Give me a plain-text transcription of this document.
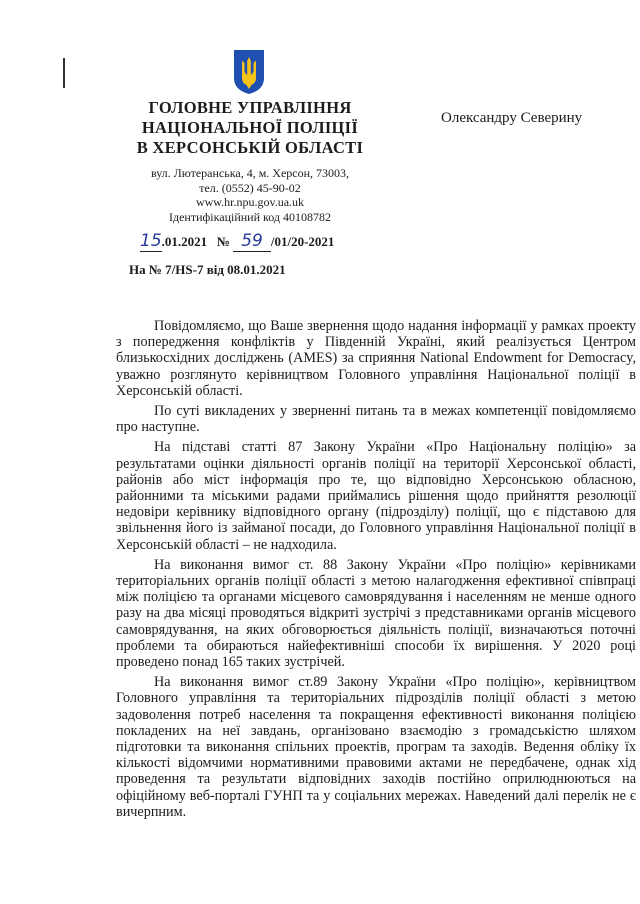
ГОЛОВНЕ УПРАВЛІННЯ
НАЦІОНАЛЬНОЇ ПОЛІЦІЇ
В ХЕРСОНСЬКІЙ ОБЛАСТІ
вул. Лютеранська, 4, м. Херсон, 73003,
тел. (0552) 45-90-02
www.hr.npu.gov.ua.uk
Ідентифікаційний код 40108782
Олександру Северину
15.01.2021 № 59 /01/20-2021
На № 7/HS-7 від 08.01.2021

Повідомляємо, що Ваше звернення щодо надання інформації у рамках проекту з попередження конфліктів у Південній Україні, який реалізується Центром близькосхідних досліджень (AMES) за сприяння National Endowment for Democracy, уважно розглянуто керівництвом Головного управління Національної поліції в Херсонській області.

По суті викладених у зверненні питань та в межах компетенції повідомляємо про наступне.

На підставі статті 87 Закону України «Про Національну поліцію» за результатами оцінки діяльності органів поліції на території Херсонської області, районів або міст інформація про те, що відповідно Херсонською обласною, районними та міськими радами приймались рішення щодо прийняття резолюції недовіри керівнику відповідного органу (підрозділу) поліції, що є підставою для звільнення його із займаної посади, до Головного управління Національної поліції в Херсонській області – не надходила.

На виконання вимог ст. 88 Закону України «Про поліцію» керівниками територіальних органів поліції області з метою налагодження ефективної співпраці між поліцією та органами місцевого самоврядування і населенням не менше одного разу на два місяці проводяться відкриті зустрічі з представниками органів місцевого самоврядування, на яких обговорюється діяльність поліції, визначаються поточні проблеми та обираються найефективніші способи їх вирішення. У 2020 році проведено понад 165 таких зустрічей.

На виконання вимог ст.89 Закону України «Про поліцію», керівництвом Головного управління та територіальних підрозділів поліції області з метою задоволення потреб населення та покращення ефективності виконання поліцією покладених на неї завдань, організовано взаємодію з громадськістю шляхом підготовки та виконання спільних проектів, програм та заходів. Ведення обліку їх кількості відомчими нормативними правовими актами не передбачене, однак хід проведення та результати відповідних заходів постійно оприлюднюються на офіційному веб-порталі ГУНП та у соціальних мережах. Наведений далі перелік не є вичерпним.
